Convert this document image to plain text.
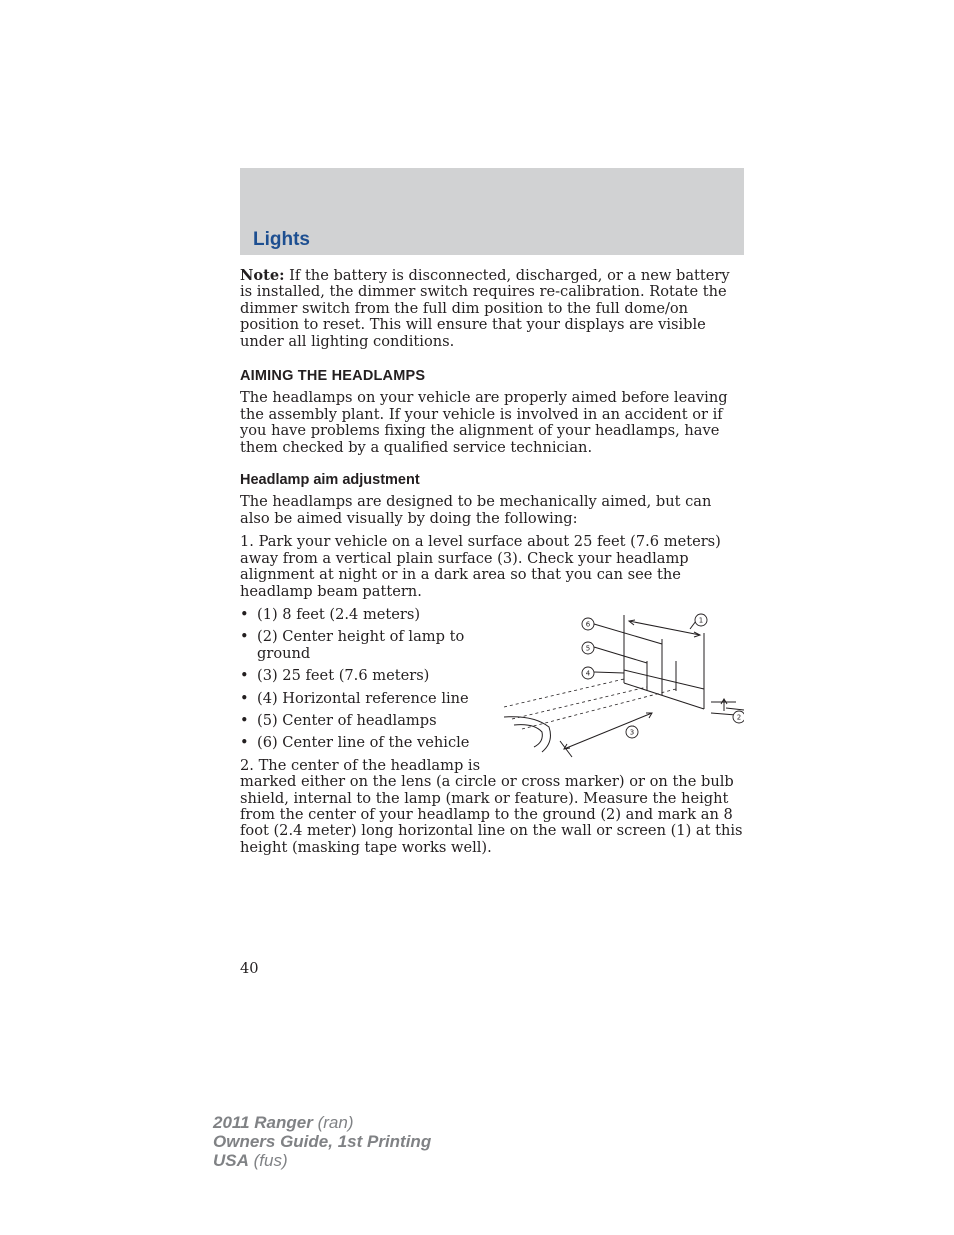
Lights

Note: If the battery is disconnected, discharged, or a new battery is installed, the dimmer switch requires re-calibration. Rotate the dimmer switch from the full dim position to the full dome/on position to reset. This will ensure that your displays are visible under all lighting conditions.

AIMING THE HEADLAMPS

The headlamps on your vehicle are properly aimed before leaving the assembly plant. If your vehicle is involved in an accident or if you have problems fixing the alignment of your headlamps, have them checked by a qualified service technician.

Headlamp aim adjustment

The headlamps are designed to be mechanically aimed, but can also be aimed visually by doing the following:

1. Park your vehicle on a level surface about 25 feet (7.6 meters) away from a vertical plain surface (3). Check your headlamp alignment at night or in a dark area so that you can see the headlamp beam pattern.

1
6
5
4
2
3
• (1) 8 feet (2.4 meters)
• (2) Center height of lamp to ground
• (3) 25 feet (7.6 meters)
• (4) Horizontal reference line
• (5) Center of headlamps
• (6) Center line of the vehicle

2. The center of the headlamp is marked either on the lens (a circle or cross marker) or on the bulb shield, internal to the lamp (mark or feature). Measure the height from the center of your headlamp to the ground (2) and mark an 8 foot (2.4 meter) long horizontal line on the wall or screen (1) at this height (masking tape works well).

40
2011 Ranger (ran)
Owners Guide, 1st Printing
USA (fus)
